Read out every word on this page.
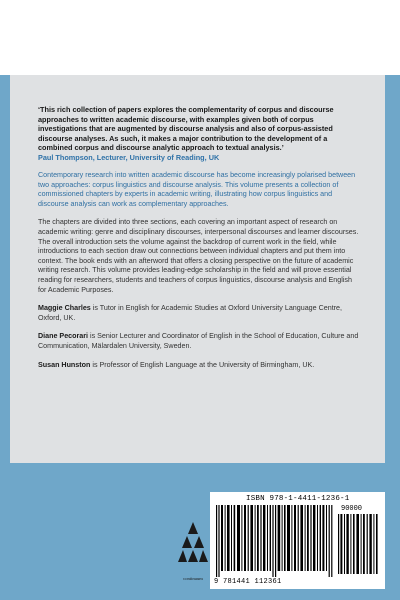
‘This rich collection of papers explores the complementarity of corpus and discourse approaches to written academic discourse, with examples given both of corpus investigations that are augmented by discourse analysis and also of corpus-assisted discourse analyses. As such, it makes a major contribution to the development of a combined corpus and discourse analytic approach to textual analysis.’
Paul Thompson, Lecturer, University of Reading, UK

Contemporary research into written academic discourse has become increasingly polarised between two approaches: corpus linguistics and discourse analysis. This volume presents a collection of commissioned chapters by experts in academic writing, illustrating how corpus linguistics and discourse analysis can work as complementary approaches.

The chapters are divided into three sections, each covering an important aspect of research on academic writing: genre and disciplinary discourses, interpersonal discourses and learner discourses. The overall introduction sets the volume against the backdrop of current work in the field, while introductions to each section draw out connections between individual chapters and put them into context. The book ends with an afterword that offers a closing perspective on the future of academic writing research. This volume provides leading-edge scholarship in the field and will prove essential reading for researchers, students and teachers of corpus linguistics, discourse analysis and English for Academic Purposes.

Maggie Charles is Tutor in English for Academic Studies at Oxford University Language Centre, Oxford, UK.

Diane Pecorari is Senior Lecturer and Coordinator of English in the School of Education, Culture and Communication, Mälardalen University, Sweden.

Susan Hunston is Professor of English Language at the University of Birmingham, UK.

continuum
ISBN 978-1-4411-1236-1
90000
9 781441 112361
